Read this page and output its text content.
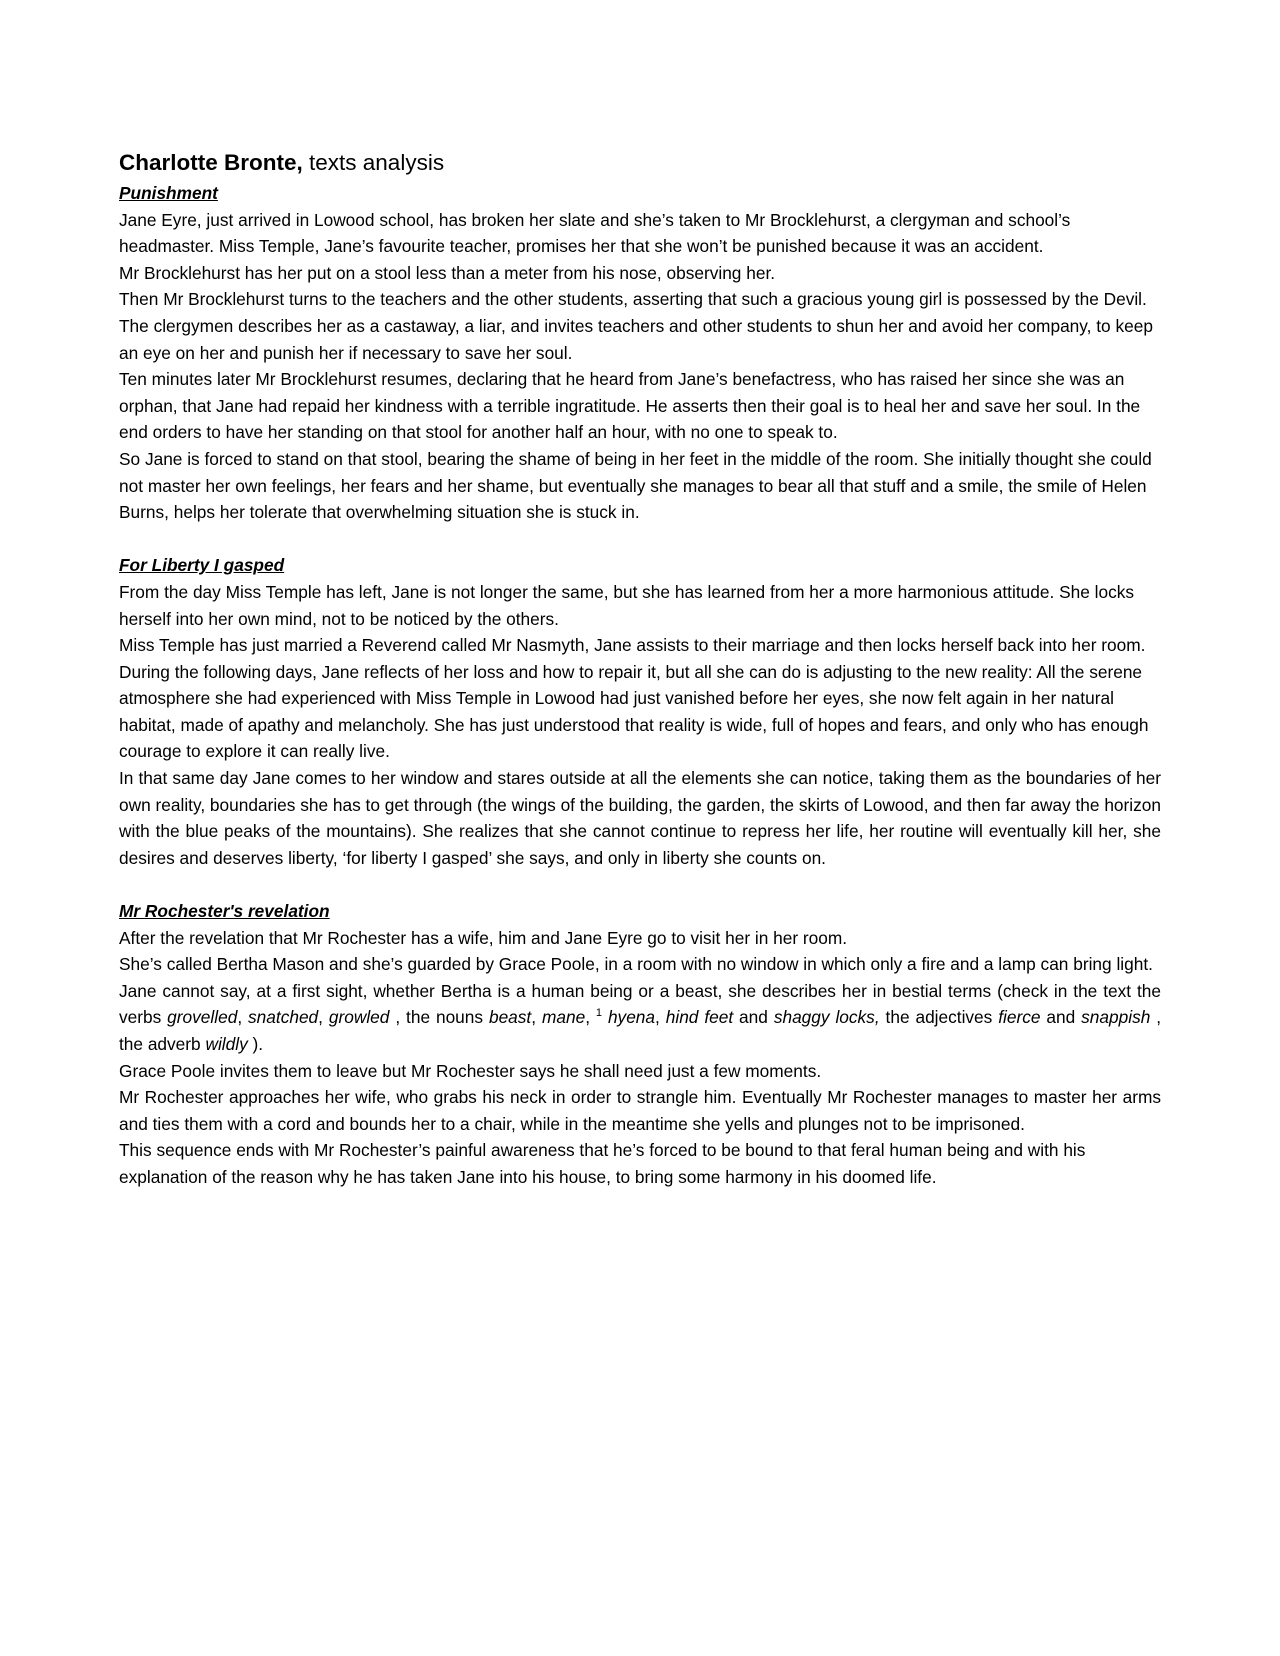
Charlotte Bronte, texts analysis

Punishment

Jane Eyre, just arrived in Lowood school, has broken her slate and she’s taken to Mr Brocklehurst, a clergyman and school’s headmaster. Miss Temple, Jane’s favourite teacher, promises her that she won’t be punished because it was an accident.

Mr Brocklehurst has her put on a stool less than a meter from his nose, observing her.

Then Mr Brocklehurst turns to the teachers and the other students, asserting that such a gracious young girl is possessed by the Devil.

The clergymen describes her as a castaway, a liar, and invites teachers and other students to shun her and avoid her company, to keep an eye on her and punish her if necessary to save her soul.

Ten minutes later Mr Brocklehurst resumes, declaring that he heard from Jane’s benefactress, who has raised her since she was an orphan, that Jane had repaid her kindness with a terrible ingratitude. He asserts then their goal is to heal her and save her soul. In the end orders to have her standing on that stool for another half an hour, with no one to speak to.

So Jane is forced to stand on that stool, bearing the shame of being in her feet in the middle of the room. She initially thought she could not master her own feelings, her fears and her shame, but eventually she manages to bear all that stuff and a smile, the smile of Helen Burns, helps her tolerate that overwhelming situation she is stuck in.

For Liberty I gasped

From the day Miss Temple has left, Jane is not longer the same, but she has learned from her a more harmonious attitude. She locks herself into her own mind, not to be noticed by the others.

Miss Temple has just married a Reverend called Mr Nasmyth, Jane assists to their marriage and then locks herself back into her room.

During the following days, Jane reflects of her loss and how to repair it, but all she can do is adjusting to the new reality: All the serene atmosphere she had experienced with Miss Temple in Lowood had just vanished before her eyes, she now felt again in her natural habitat, made of apathy and melancholy. She has just understood that reality is wide, full of hopes and fears, and only who has enough courage to explore it can really live.

In that same day Jane comes to her window and stares outside at all the elements she can notice, taking them as the boundaries of her own reality, boundaries she has to get through (the wings of the building, the garden, the skirts of Lowood, and then far away the horizon with the blue peaks of the mountains). She realizes that she cannot continue to repress her life, her routine will eventually kill her, she desires and deserves liberty, ‘for liberty I gasped’ she says, and only in liberty she counts on.

Mr Rochester's revelation

After the revelation that Mr Rochester has a wife, him and Jane Eyre go to visit her in her room.

She’s called Bertha Mason and she’s guarded by Grace Poole, in a room with no window in which only a fire and a lamp can bring light.

Jane cannot say, at a first sight, whether Bertha is a human being or a beast, she describes her in bestial terms (check in the text the verbs grovelled, snatched, growled , the nouns beast, mane, $^1$ hyena, hind feet and shaggy locks, the adjectives fierce and snappish , the adverb wildly ).

Grace Poole invites them to leave but Mr Rochester says he shall need just a few moments.

Mr Rochester approaches her wife, who grabs his neck in order to strangle him. Eventually Mr Rochester manages to master her arms and ties them with a cord and bounds her to a chair, while in the meantime she yells and plunges not to be imprisoned.

This sequence ends with Mr Rochester’s painful awareness that he’s forced to be bound to that feral human being and with his explanation of the reason why he has taken Jane into his house, to bring some harmony in his doomed life.
